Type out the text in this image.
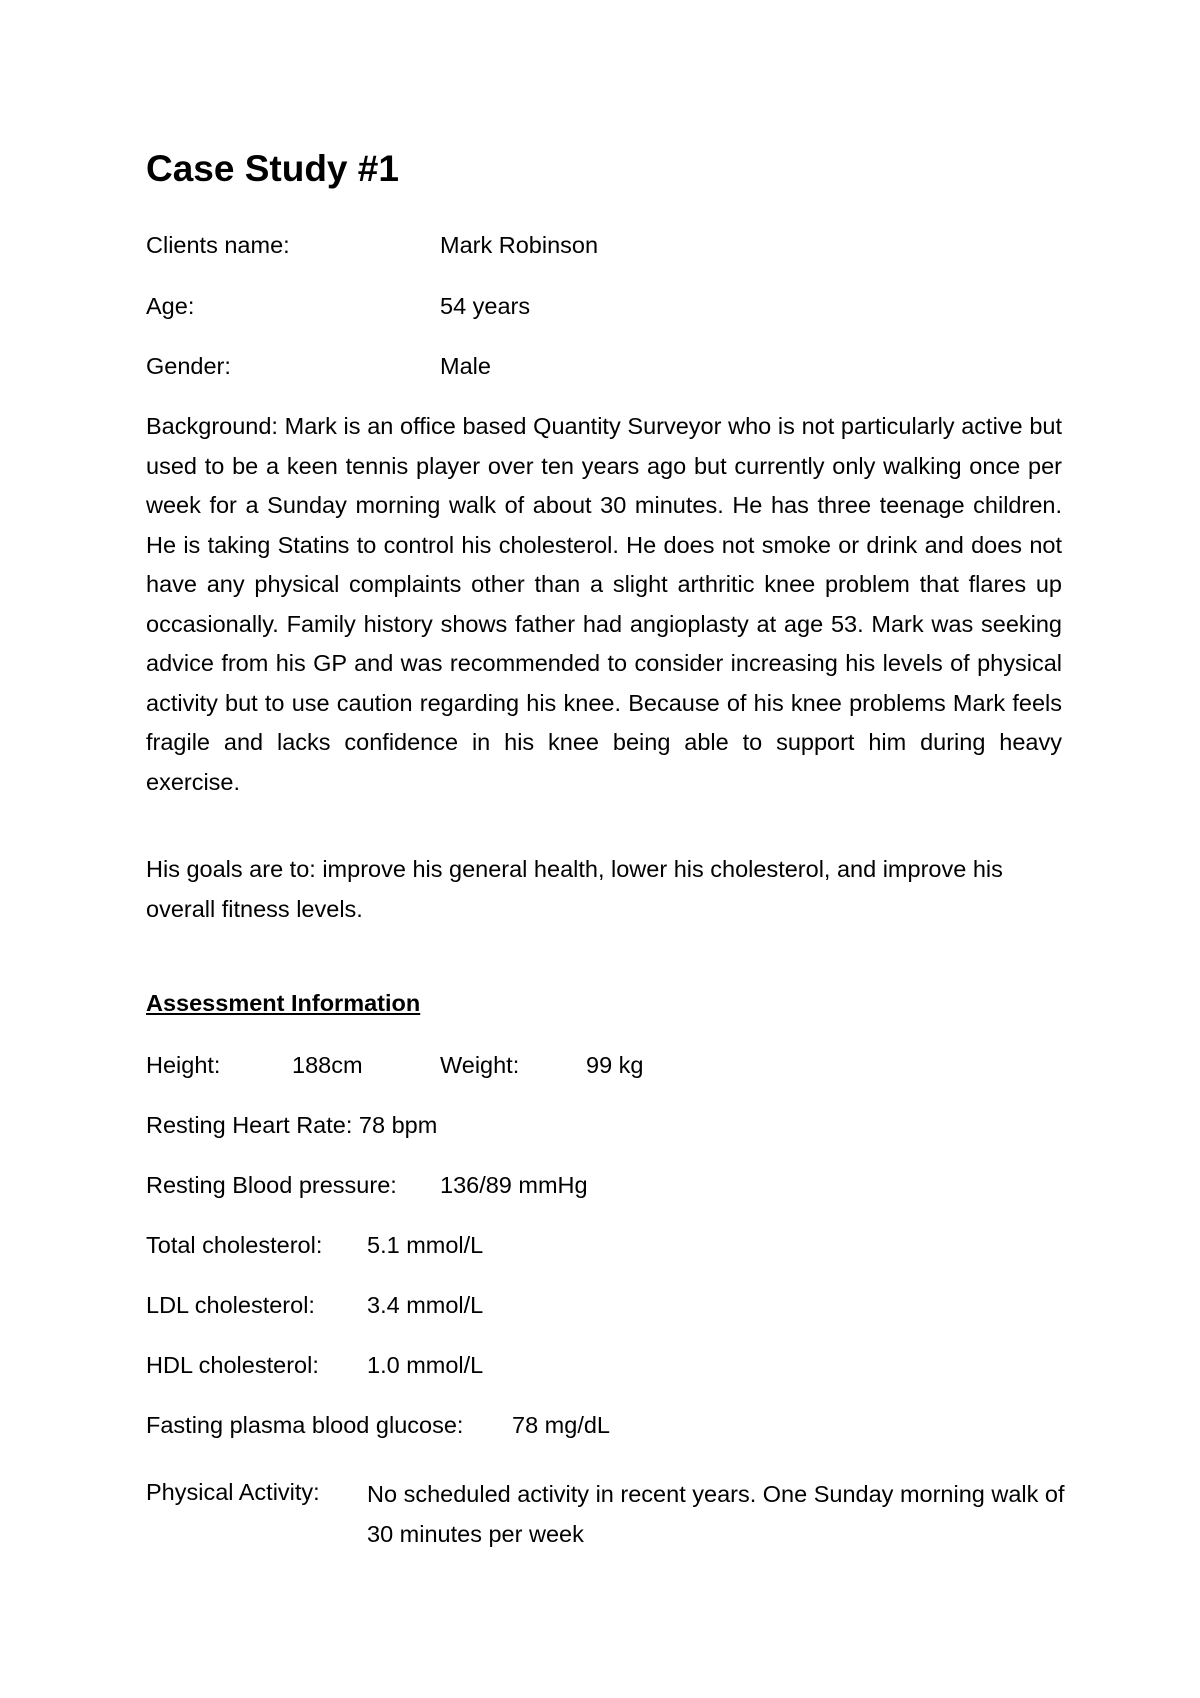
Case Study #1
Clients name:	Mark Robinson
Age:	54 years
Gender:	Male

Background: Mark is an office based Quantity Surveyor who is not particularly active but used to be a keen tennis player over ten years ago but currently only walking once per week for a Sunday morning walk of about 30 minutes. He has three teenage children. He is taking Statins to control his cholesterol. He does not smoke or drink and does not have any physical complaints other than a slight arthritic knee problem that flares up occasionally. Family history shows father had angioplasty at age 53. Mark was seeking advice from his GP and was recommended to consider increasing his levels of physical activity but to use caution regarding his knee. Because of his knee problems Mark feels fragile and lacks confidence in his knee being able to support him during heavy exercise.

His goals are to: improve his general health, lower his cholesterol, and improve his overall fitness levels.

Assessment Information
Height:	188cm	Weight:	99 kg
Resting Heart Rate: 78 bpm
Resting Blood pressure: 136/89 mmHg
Total cholesterol: 5.1 mmol/L
LDL cholesterol: 3.4 mmol/L
HDL cholesterol: 1.0 mmol/L
Fasting plasma blood glucose: 78 mg/dL
Physical Activity: No scheduled activity in recent years. One Sunday morning walk of 30 minutes per week
